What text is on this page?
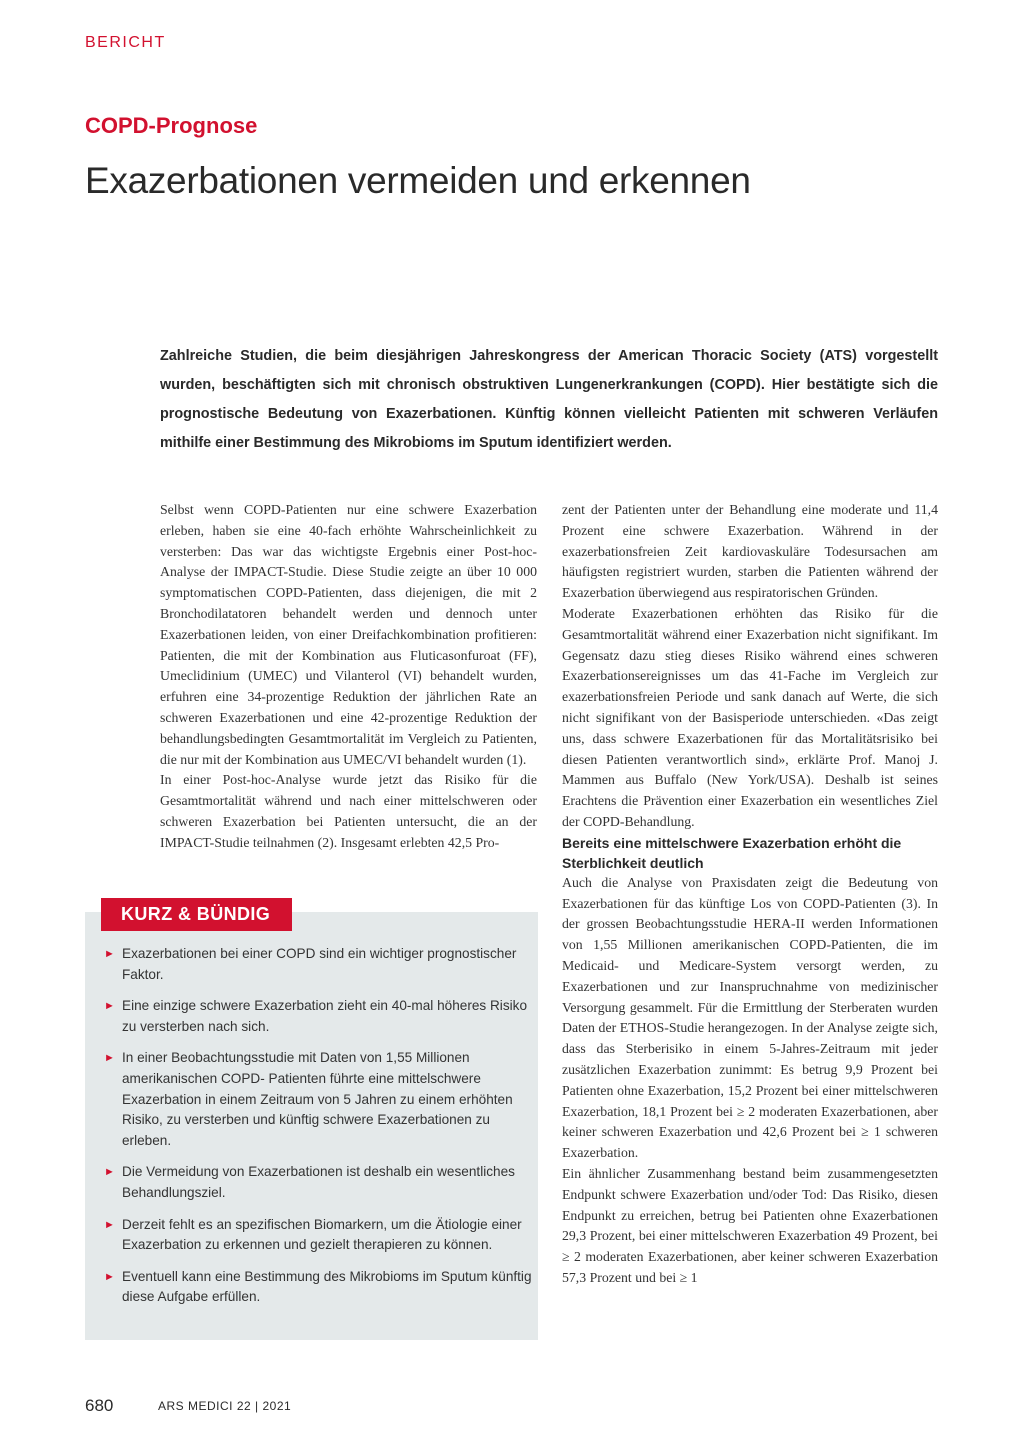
BERICHT
COPD-Prognose
Exazerbationen vermeiden und erkennen

Zahlreiche Studien, die beim diesjährigen Jahreskongress der American Thoracic Society (ATS) vorgestellt wurden, beschäftigten sich mit chronisch obstruktiven Lungenerkrankungen (COPD). Hier bestätigte sich die prognostische Bedeutung von Exazerbationen. Künftig können vielleicht Patienten mit schweren Verläufen mithilfe einer Bestimmung des Mikrobioms im Sputum identifiziert werden.

Selbst wenn COPD-Patienten nur eine schwere Exazerbation erleben, haben sie eine 40-fach erhöhte Wahrscheinlichkeit zu versterben: Das war das wichtigste Ergebnis einer Post-hoc-Analyse der IMPACT-Studie. Diese Studie zeigte an über 10 000 symptomatischen COPD-Patienten, dass diejenigen, die mit 2 Bronchodilatatoren behandelt werden und dennoch unter Exazerbationen leiden, von einer Dreifachkombination profitieren: Patienten, die mit der Kombination aus Fluticasonfuroat (FF), Umeclidinium (UMEC) und Vilanterol (VI) behandelt wurden, erfuhren eine 34-prozentige Reduktion der jährlichen Rate an schweren Exazerbationen und eine 42-prozentige Reduktion der behandlungsbedingten Gesamtmortalität im Vergleich zu Patienten, die nur mit der Kombination aus UMEC/VI behandelt wurden (1).

In einer Post-hoc-Analyse wurde jetzt das Risiko für die Gesamtmortalität während und nach einer mittelschweren oder schweren Exazerbation bei Patienten untersucht, die an der IMPACT-Studie teilnahmen (2). Insgesamt erlebten 42,5 Pro-

zent der Patienten unter der Behandlung eine moderate und 11,4 Prozent eine schwere Exazerbation. Während in der exazerbationsfreien Zeit kardiovaskuläre Todesursachen am häufigsten registriert wurden, starben die Patienten während der Exazerbation überwiegend aus respiratorischen Gründen.

Moderate Exazerbationen erhöhten das Risiko für die Gesamtmortalität während einer Exazerbation nicht signifikant. Im Gegensatz dazu stieg dieses Risiko während eines schweren Exazerbationsereignisses um das 41-Fache im Vergleich zur exazerbationsfreien Periode und sank danach auf Werte, die sich nicht signifikant von der Basisperiode unterschieden. «Das zeigt uns, dass schwere Exazerbationen für das Mortalitätsrisiko bei diesen Patienten verantwortlich sind», erklärte Prof. Manoj J. Mammen aus Buffalo (New York/USA). Deshalb ist seines Erachtens die Prävention einer Exazerbation ein wesentliches Ziel der COPD-Behandlung.

Bereits eine mittelschwere Exazerbation erhöht die Sterblichkeit deutlich

Auch die Analyse von Praxisdaten zeigt die Bedeutung von Exazerbationen für das künftige Los von COPD-Patienten (3). In der grossen Beobachtungsstudie HERA-II werden Informationen von 1,55 Millionen amerikanischen COPD-Patienten, die im Medicaid- und Medicare-System versorgt werden, zu Exazerbationen und zur Inanspruchnahme von medizinischer Versorgung gesammelt. Für die Ermittlung der Sterberaten wurden Daten der ETHOS-Studie herangezogen. In der Analyse zeigte sich, dass das Sterberisiko in einem 5-Jahres-Zeitraum mit jeder zusätzlichen Exazerbation zunimmt: Es betrug 9,9 Prozent bei Patienten ohne Exazerbation, 15,2 Prozent bei einer mittelschweren Exazerbation, 18,1 Prozent bei ≥ 2 moderaten Exazerbationen, aber keiner schweren Exazerbation und 42,6 Prozent bei ≥ 1 schweren Exazerbation.

Ein ähnlicher Zusammenhang bestand beim zusammengesetzten Endpunkt schwere Exazerbation und/oder Tod: Das Risiko, diesen Endpunkt zu erreichen, betrug bei Patienten ohne Exazerbationen 29,3 Prozent, bei einer mittelschweren Exazerbation 49 Prozent, bei ≥ 2 moderaten Exazerbationen, aber keiner schweren Exazerbation 57,3 Prozent und bei ≥ 1

KURZ & BÜNDIG
► Exazerbationen bei einer COPD sind ein wichtiger prognostischer Faktor.
► Eine einzige schwere Exazerbation zieht ein 40-mal höheres Risiko zu versterben nach sich.
► In einer Beobachtungsstudie mit Daten von 1,55 Millionen amerikanischen COPD- Patienten führte eine mittelschwere Exazerbation in einem Zeitraum von 5 Jahren zu einem erhöhten Risiko, zu versterben und künftig schwere Exazerbationen zu erleben.
► Die Vermeidung von Exazerbationen ist deshalb ein wesentliches Behandlungsziel.
► Derzeit fehlt es an spezifischen Biomarkern, um die Ätiologie einer Exazerbation zu erkennen und gezielt therapieren zu können.
► Eventuell kann eine Bestimmung des Mikrobioms im Sputum künftig diese Aufgabe erfüllen.
680	ARS MEDICI 22 | 2021
